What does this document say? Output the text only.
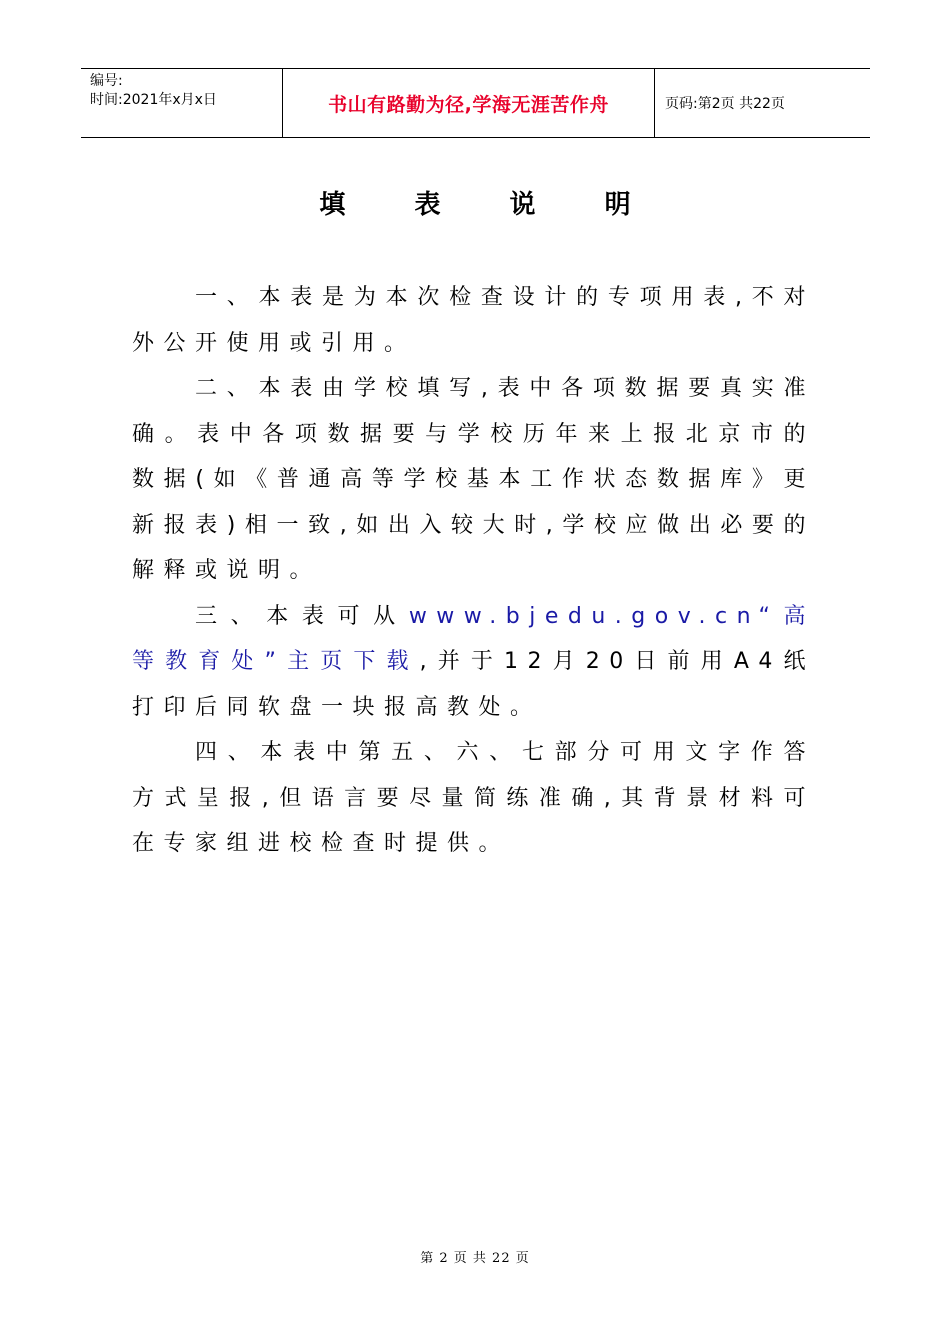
编号:
时间:2021年x月x日	书山有路勤为径,学海无涯苦作舟	页码:第2页 共22页
填 表 说 明

一、本表是为本次检查设计的专项用表,不对外公开使用或引用。

二、本表由学校填写,表中各项数据要真实准确。表中各项数据要与学校历年来上报北京市的数据(如《普通高等学校基本工作状态数据库》更新报表)相一致,如出入较大时,学校应做出必要的解释或说明。

三、本表可从www.bjedu.gov.cn“高等教育处”主页下载,并于12月20日前用A4纸打印后同软盘一块报高教处。

四、本表中第五、六、七部分可用文字作答方式呈报,但语言要尽量简练准确,其背景材料可在专家组进校检查时提供。

第 2 页 共 22 页
